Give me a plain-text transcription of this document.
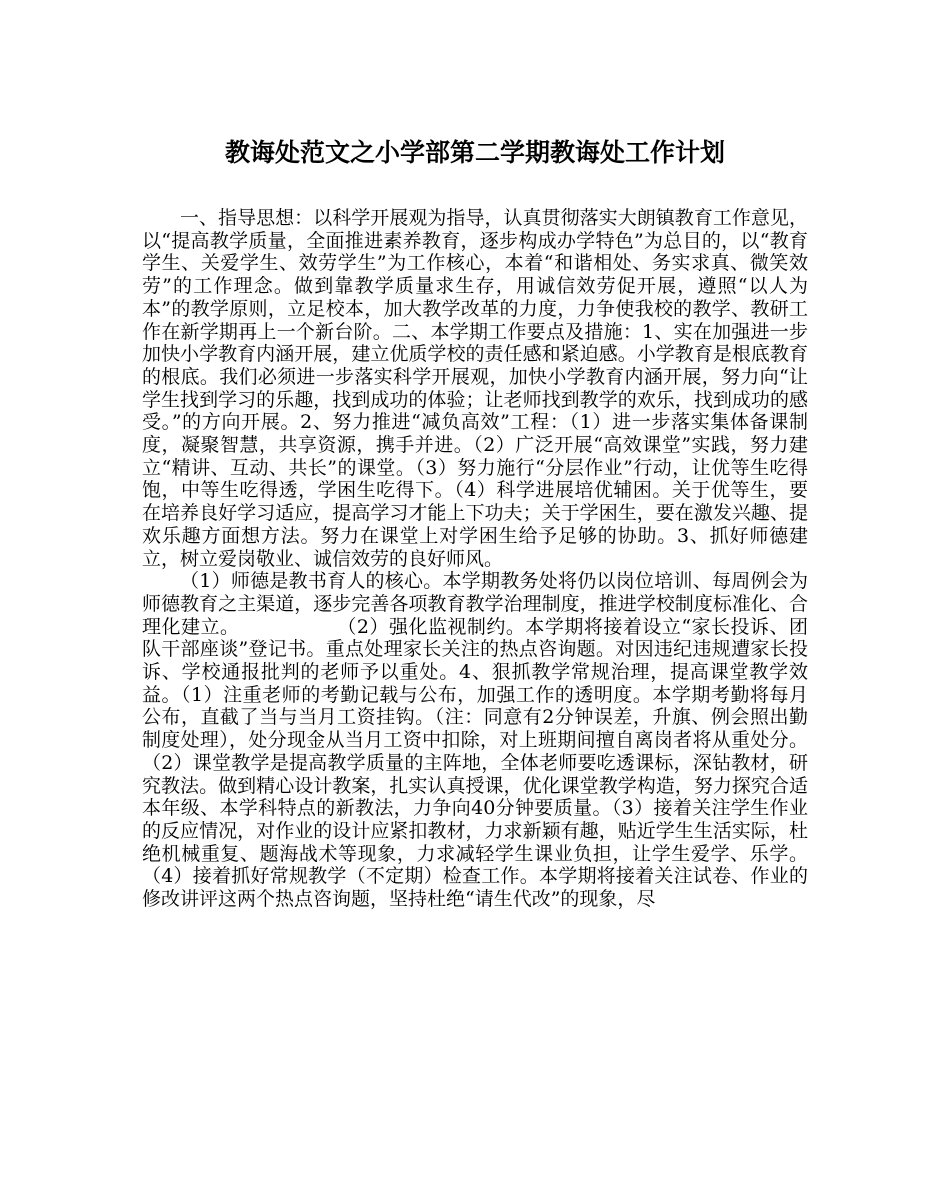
教诲处范文之小学部第二学期教诲处工作计划

一、指导思想：以科学开展观为指导，认真贯彻落实大朗镇教育工作意见，以“提高教学质量，全面推进素养教育，逐步构成办学特色”为总目的，以“教育学生、关爱学生、效劳学生”为工作核心，本着“和谐相处、务实求真、微笑效劳”的工作理念。做到靠教学质量求生存，用诚信效劳促开展，遵照“以人为本”的教学原则，立足校本，加大教学改革的力度，力争使我校的教学、教研工作在新学期再上一个新台阶。二、本学期工作要点及措施：1、实在加强进一步加快小学教育内涵开展，建立优质学校的责任感和紧迫感。小学教育是根底教育的根底。我们必须进一步落实科学开展观，加快小学教育内涵开展，努力向“让学生找到学习的乐趣，找到成功的体验；让老师找到教学的欢乐，找到成功的感受。”的方向开展。2、努力推进“减负高效”工程：（1）进一步落实集体备课制度，凝聚智慧，共享资源，携手并进。（2）广泛开展“高效课堂”实践，努力建立“精讲、互动、共长”的课堂。（3）努力施行“分层作业”行动，让优等生吃得饱，中等生吃得透，学困生吃得下。（4）科学进展培优辅困。关于优等生，要在培养良好学习适应，提高学习才能上下功夫；关于学困生，要在激发兴趣、提欢乐趣方面想方法。努力在课堂上对学困生给予足够的协助。3、抓好师德建立，树立爱岗敬业、诚信效劳的良好师风。

（1）师德是教书育人的核心。本学期教务处将仍以岗位培训、每周例会为师德教育之主渠道，逐步完善各项教育教学治理制度，推进学校制度标准化、合理化建立。　　　　　　（2）强化监视制约。本学期将接着设立“家长投诉、团队干部座谈”登记书。重点处理家长关注的热点咨询题。对因违纪违规遭家长投诉、学校通报批判的老师予以重处。4、狠抓教学常规治理，提高课堂教学效益。（1）注重老师的考勤记载与公布，加强工作的透明度。本学期考勤将每月公布，直截了当与当月工资挂钩。（注：同意有2分钟误差，升旗、例会照出勤制度处理），处分现金从当月工资中扣除，对上班期间擅自离岗者将从重处分。（2）课堂教学是提高教学质量的主阵地，全体老师要吃透课标，深钻教材，研究教法。做到精心设计教案，扎实认真授课，优化课堂教学构造，努力探究合适本年级、本学科特点的新教法，力争向40分钟要质量。（3）接着关注学生作业的反应情况，对作业的设计应紧扣教材，力求新颖有趣，贴近学生生活实际，杜绝机械重复、题海战术等现象，力求减轻学生课业负担，让学生爱学、乐学。（4）接着抓好常规教学（不定期）检查工作。本学期将接着关注试卷、作业的修改讲评这两个热点咨询题，坚持杜绝“请生代改”的现象，尽
